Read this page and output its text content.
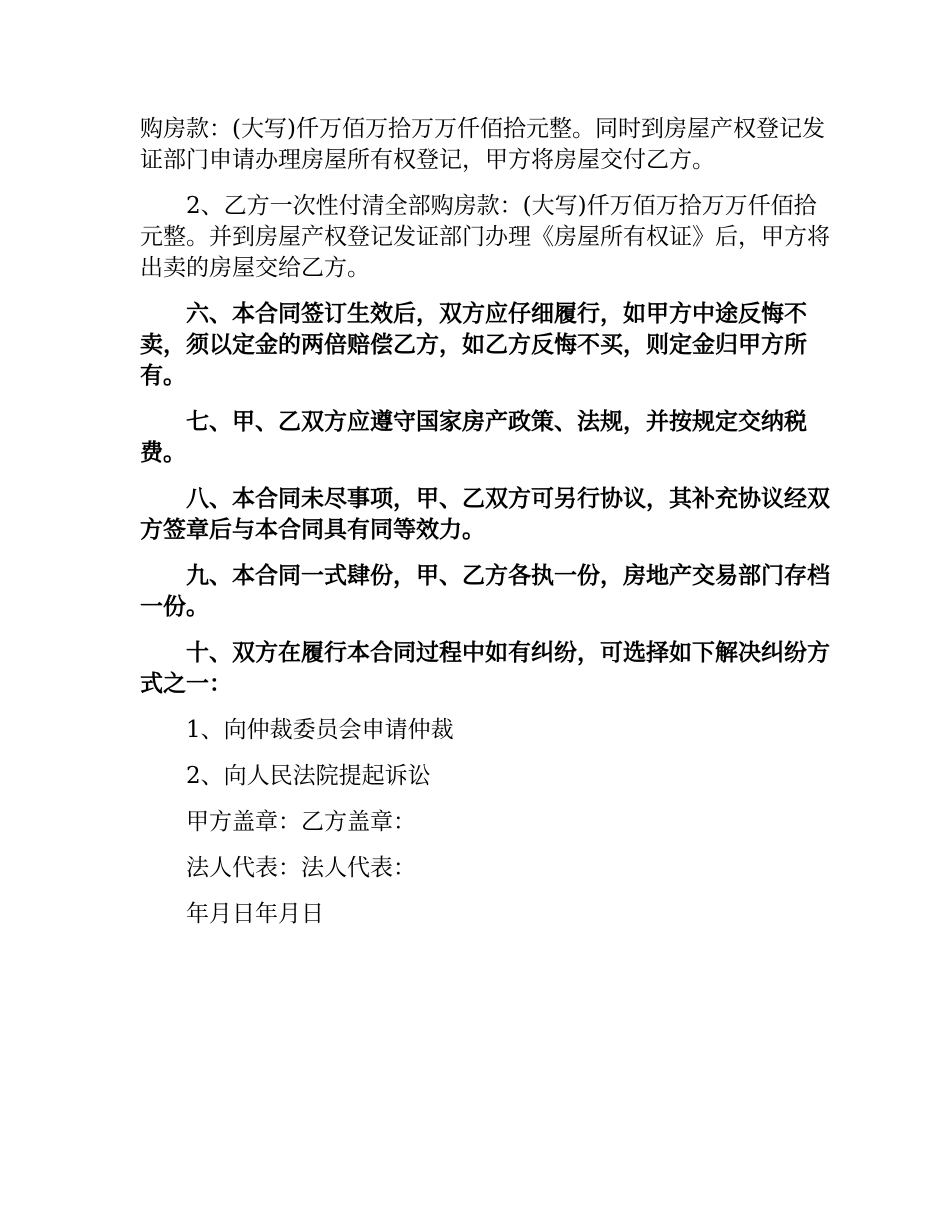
购房款：(大写)仟万佰万拾万万仟佰拾元整。同时到房屋产权登记发证部门申请办理房屋所有权登记，甲方将房屋交付乙方。

2、乙方一次性付清全部购房款：(大写)仟万佰万拾万万仟佰拾元整。并到房屋产权登记发证部门办理《房屋所有权证》后，甲方将出卖的房屋交给乙方。

六、本合同签订生效后，双方应仔细履行，如甲方中途反悔不卖，须以定金的两倍赔偿乙方，如乙方反悔不买，则定金归甲方所有。

七、甲、乙双方应遵守国家房产政策、法规，并按规定交纳税费。

八、本合同未尽事项，甲、乙双方可另行协议，其补充协议经双方签章后与本合同具有同等效力。

九、本合同一式肆份，甲、乙方各执一份，房地产交易部门存档一份。

十、双方在履行本合同过程中如有纠纷，可选择如下解决纠纷方式之一：

1、向仲裁委员会申请仲裁

2、向人民法院提起诉讼

甲方盖章：乙方盖章：

法人代表：法人代表：

年月日年月日
